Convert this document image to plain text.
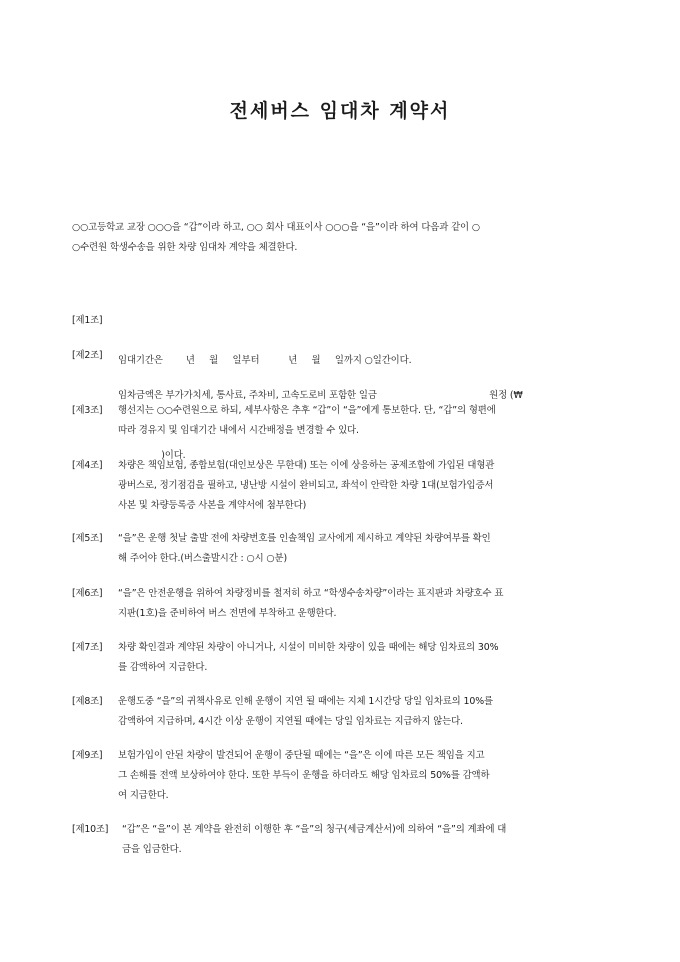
전세버스 임대차 계약서

○○고등학교 교장 ○○○을 “갑”이라 하고, ○○ 회사 대표이사 ○○○을 “을”이라 하여 다음과 같이 ○
○수련원 학생수송을 위한 차량 임대차 계약을 체결한다.

[제1조]

임대기간은        년     월     일부터          년     월     일까지 ○일간이다.

[제2조]

임차금액은 부가가치세, 통사료, 주차비, 고속도로비 포함한 일금                                       원정 (₩

)이다.

[제3조]	행선지는 ○○수련원으로 하되, 세부사항은 추후 “갑”이 “을”에게 통보한다. 단, “갑”의 형편에
따라 경유지 및 임대기간 내에서 시간배정을 변경할 수 있다.
[제4조]	차량은 책임보험, 종합보험(대인보상은 무한대) 또는 이에 상응하는 공제조합에 가입된 대형관
광버스로, 정기점검을 필하고, 냉난방 시설이 완비되고, 좌석이 안락한 차량 1대(보험가입증서
사본 및 차량등록증 사본을 계약서에 첨부한다)
[제5조]	“을”은 운행 첫날 출발 전에 차량번호를 인솔책임 교사에게 제시하고 계약된 차량여부를 확인
해 주어야 한다.(버스출발시간 : ○시 ○분)
[제6조]	“을”은 안전운행을 위하여 차량정비를 철저히 하고 “학생수송차량”이라는 표지판과 차량호수 표
지판(1호)을 준비하여 버스 전면에 부착하고 운행한다.
[제7조]	차량 확인결과 계약된 차량이 아니거나, 시설이 미비한 차량이 있을 때에는 해당 임차료의 30%
를 감액하여 지급한다.
[제8조]	운행도중 “을”의 귀책사유로 인해 운행이 지연 될 때에는 지체 1시간당 당일 임차료의 10%를
감액하여 지급하며, 4시간 이상 운행이 지연될 때에는 당일 임차료는 지급하지 않는다.
[제9조]	보험가입이 안된 차량이 발견되어 운행이 중단될 때에는 “을”은 이에 따른 모든 책임을 지고
그 손해를 전액 보상하여야 한다. 또한 부득이 운행을 하더라도 해당 임차료의 50%를 감액하
여 지급한다.
[제10조]	“갑”은 “을”이 본 계약을 완전히 이행한 후 “을”의 청구(세금계산서)에 의하여 “을”의 계좌에 대
금을 입금한다.
